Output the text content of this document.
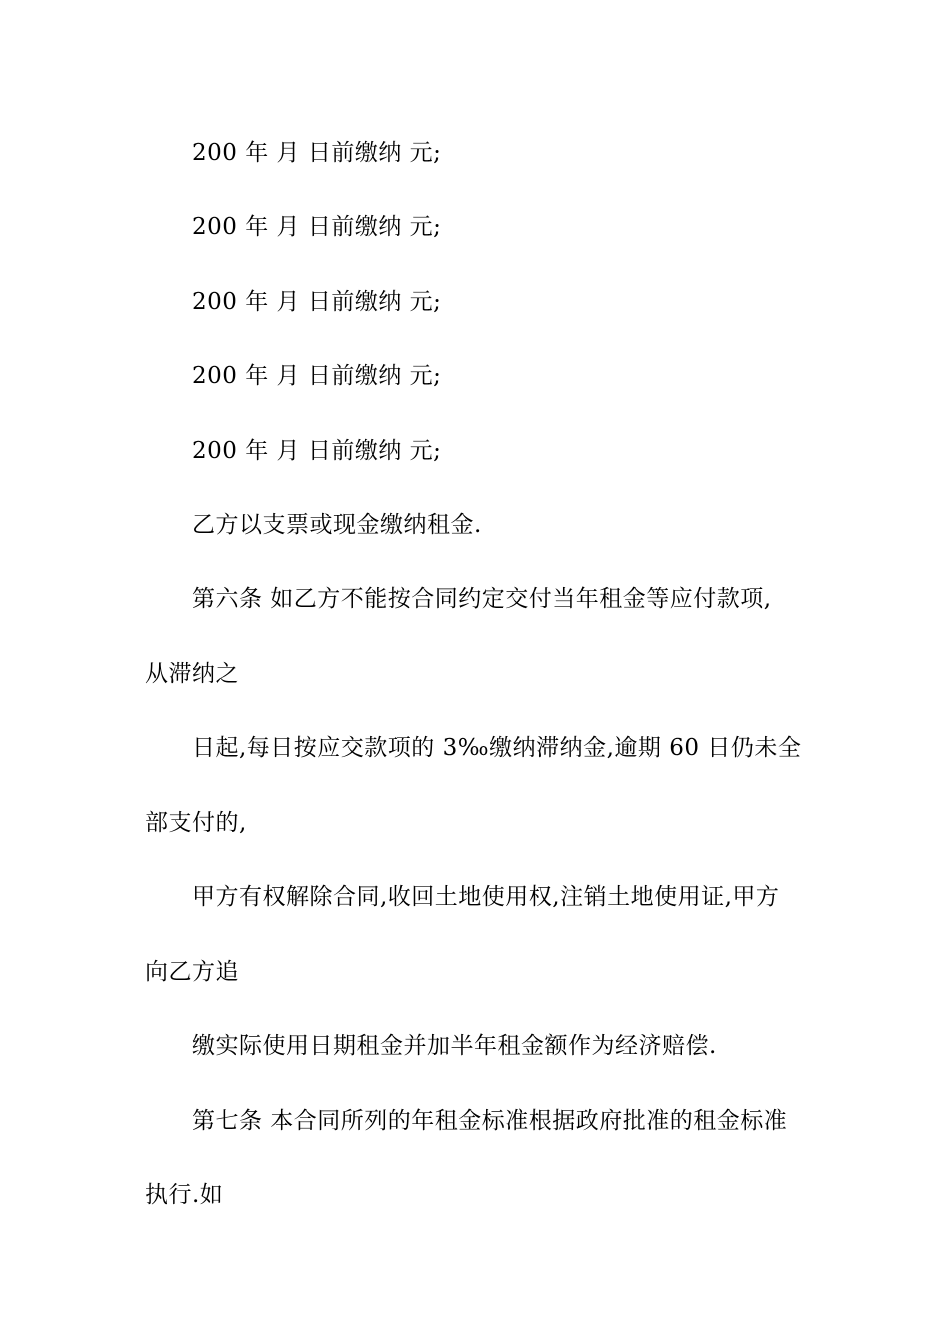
200 年 月 日前缴纳 元;
200 年 月 日前缴纳 元;
200 年 月 日前缴纳 元;
200 年 月 日前缴纳 元;
200 年 月 日前缴纳 元;
乙方以支票或现金缴纳租金.
第六条 如乙方不能按合同约定交付当年租金等应付款项,
从滞纳之
日起,每日按应交款项的 3‰缴纳滞纳金,逾期 60 日仍未全
部支付的,
甲方有权解除合同,收回土地使用权,注销土地使用证,甲方
向乙方追
缴实际使用日期租金并加半年租金额作为经济赔偿.
第七条 本合同所列的年租金标准根据政府批准的租金标准
执行.如
